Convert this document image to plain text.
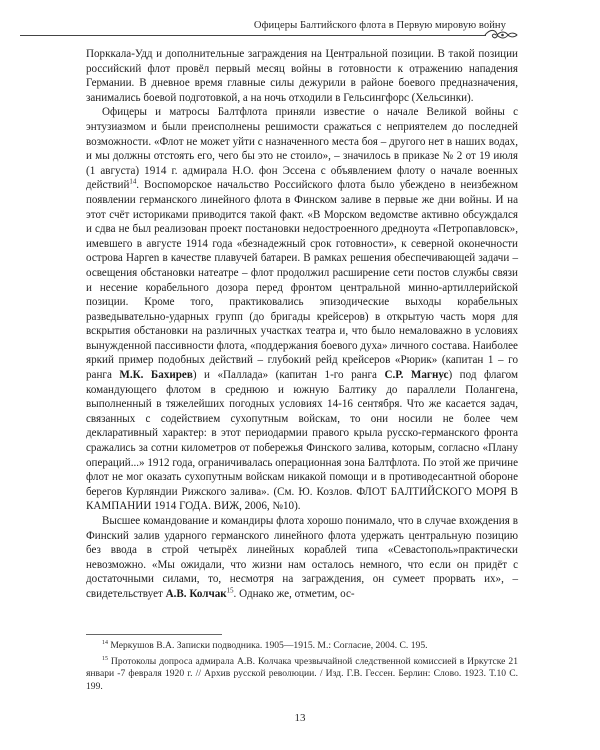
Офицеры Балтийского флота в Первую мировую войну

Порккала-Удд и дополнительные заграждения на Центральной позиции. В такой позиции российский флот провёл первый месяц войны в готовности к отражению нападения Германии. В дневное время главные силы дежурили в районе боевого предназначения, занимались боевой подготовкой, а на ночь отходили в Гельсингфорс (Хельсинки).

Офицеры и матросы Балтфлота приняли известие о начале Великой войны с энтузиазмом и были преисполнены решимости сражаться с неприятелем до последней возможности. «Флот не может уйти с назначенного места боя – другого нет в наших водах, и мы должны отстоять его, чего бы это не стоило», – значилось в приказе № 2 от 19 июля (1 августа) 1914 г. адмирала Н.О. фон Эссена с объявлением флоту о начале военных действий$^{14}$. Воспоморское начальство Российского флота было убеждено в неизбежном появлении германского линейного флота в Финском заливе в первые же дни войны. И на этот счёт историками приводится такой факт. «В Морском ведомстве активно обсуждался и сдва не был реализован проект постановки недостроенного дредноута «Петропавловск», имевшего в августе 1914 года «безнадежный срок готовности», к северной оконечности острова Наргеn в качестве плавучей батареи. В рамках решения обеспечивающей задачи – освещения обстановки натеатре – флот продолжил расширение сети постов службы связи и несение корабельного дозора перед фронтом центральной минно-артиллерийской позиции. Кроме того, практиковались эпизодические выходы корабельных разведывательно-ударных групп (до бригады крейсеров) в открытую часть моря для вскрытия обстановки на различных участках театра и, что было немаловажно в условиях вынужденной пассивности флота, «поддержания боевого духа» личного состава. Наиболее яркий пример подобных действий – глубокий рейд крейсеров «Рюрик» (капитан 1 – го ранга М.К. Бахирев) и «Паллада» (капитан 1-го ранга С.Р. Магнус) под флагом командующего флотом в среднюю и южную Балтику до параллели Полангена, выполненный в тяжелейших погодных условиях 14-16 сентября. Что же касается задач, связанных с содействием сухопутным войскам, то они носили не более чем декларативный характер: в этот периодармии правого крыла русско-германского фронта сражались за сотни километров от побережья Финского залива, которым, согласно «Плану операций...» 1912 года, ограничивалась операционная зона Балтфлота. По этой же причине флот не мог оказать сухопутным войскам никакой помощи и в противодесантной обороне берегов Курляндии Рижского залива». (См. Ю. Козлов. ФЛОТ БАЛТИЙСКОГО МОРЯ В КАМПАНИИ 1914 ГОДА. ВИЖ, 2006, №10).

Высшее командование и командиры флота хорошо понимало, что в случае вхождения в Финский залив ударного германского линейного флота удержать центральную позицию без ввода в строй четырёх линейных кораблей типа «Севастополь»практически невозможно. «Мы ожидали, что жизни нам осталось немного, что если он придёт с достаточными силами, то, несмотря на заграждения, он сумеет прорвать их», – свидетельствует А.В. Колчак$^{15}$. Однако же, отметим, ос-

$^{14}$ Меркушов В.А. Записки подводника. 1905—1915. М.: Согласие, 2004. С. 195.

$^{15}$ Протоколы допроса адмирала А.В. Колчака чрезвычайной следственной комиссией в Иркутске 21 январи -7 февраля 1920 г. // Архив русской революции. / Изд. Г.В. Гессен. Берлин: Слово. 1923. Т.10 С. 199.

13
